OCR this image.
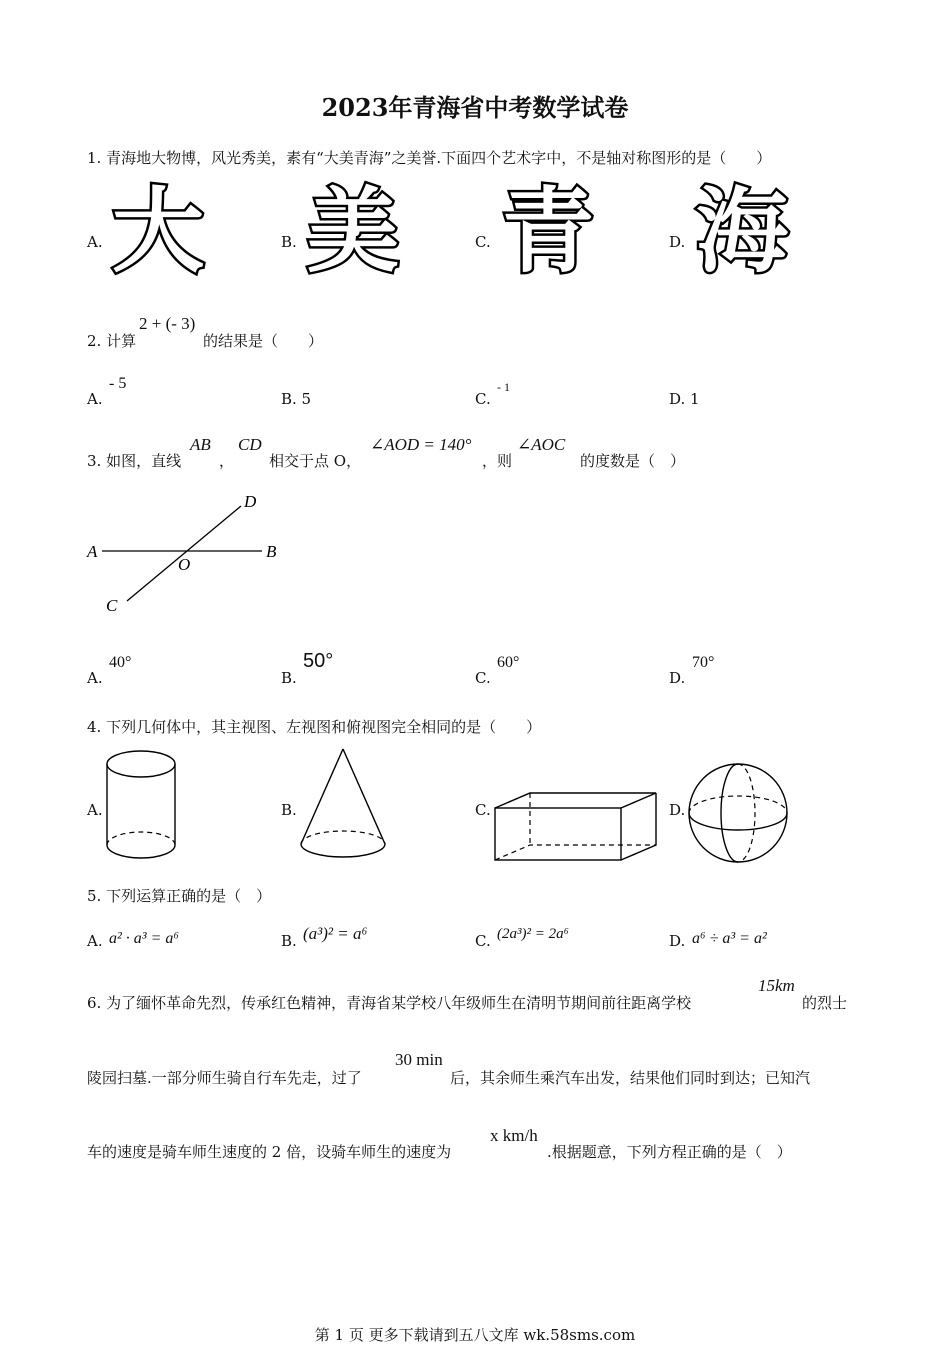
2023年青海省中考数学试卷
1. 青海地大物博，风光秀美，素有“大美青海”之美誉.下面四个艺术字中，不是轴对称图形的是（　　）
A. 大	B. 美	C. 青	D. 海
2. 计算
2 + (- 3)
的结果是（　　）
A.
- 5
B. 5	C.
- 1
D. 1
3. 如图，直线
AB
，
CD
相交于点 O，
∠AOD = 140°
，则
∠AOC
的度数是（　）
A	B
C
D
O
A.
40°
B.
50°
C.
60°
D.
70°
4. 下列几何体中，其主视图、左视图和俯视图完全相同的是（　　）
A.	B.	C.	D.
5. 下列运算正确的是（　）
A. a² · a³ = a⁶	B. (a³)² = a⁶	C. (2a³)² = 2a⁶	D. a⁶ ÷ a³ = a²
6. 为了缅怀革命先烈，传承红色精神，青海省某学校八年级师生在清明节期间前往距离学校
15km
的烈士
陵园扫墓.一部分师生骑自行车先走，过了
30 min
后，其余师生乘汽车出发，结果他们同时到达；已知汽
车的速度是骑车师生速度的 2 倍，设骑车师生的速度为
x km/h
.根据题意，下列方程正确的是（　）
第 1 页 更多下载请到五八文库 wk.58sms.com
